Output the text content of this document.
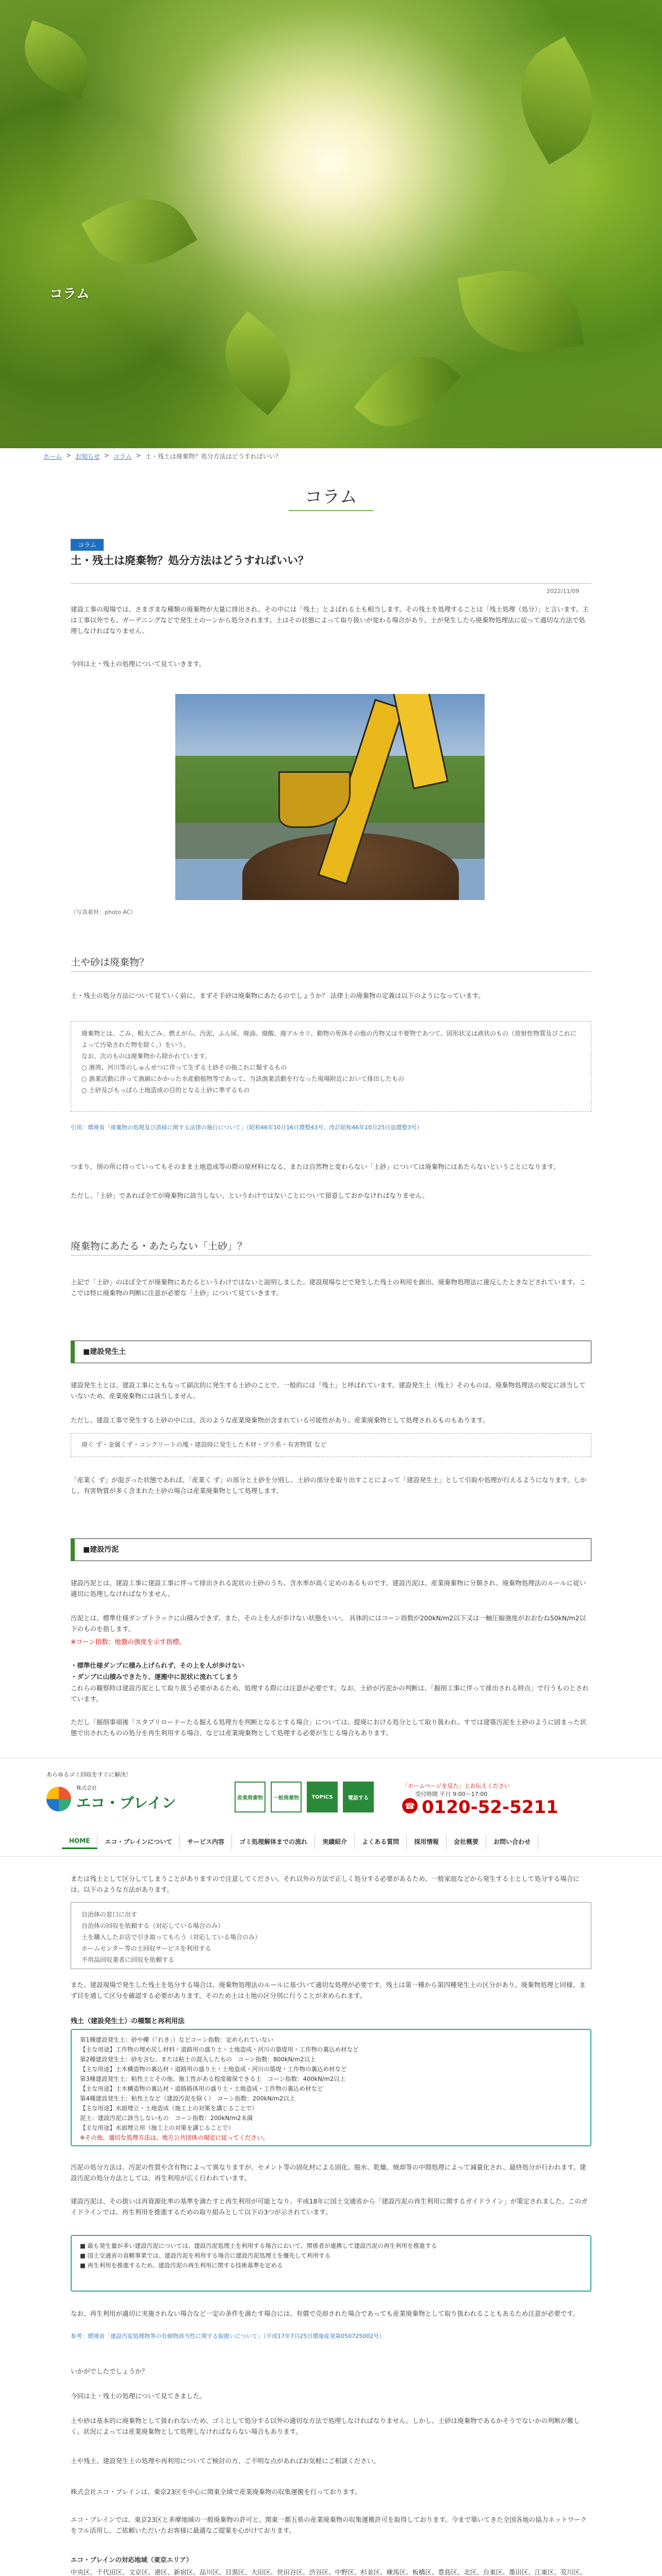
コラム
ホーム > お知らせ > コラム > 土・残土は廃棄物？処分方法はどうすればいい？
コラム
コラム
土・残土は廃棄物？処分方法はどうすればいい？
2022/11/09
建設工事の現場では、さまざまな種類の廃棄物が大量に排出され、その中には「残土」とよばれる土も相当します。その残土を処理することは「残土処理（処分）」と言います。主は工事以外でも、ガーデニングなどで発生土のーンから処分されます。土はその状態によって取り扱いが変わる場合があり、土が発生したら廃棄物処理法に従って適切な方法で処理しなければなりません。
今回は土・残土の処理について見ていきます。
（写真素材：photo AC）
土や砂は廃棄物？
土・残土の処分方法について見ていく前に、まずそ手砂は廃棄物にあたるのでしょうか？ 法律上の廃棄物の定義は以下のようになっています。
廃棄物とは、ごみ、粗大ごみ、燃えがら、汚泥、ふん尿、廃油、廃酸、廃アルカリ、動物の死体その他の汚物又は不要物であつて、固形状又は液状のもの（放射性物質及びこれによって汚染された物を除く。）をいう。
なお、次のものは廃棄物から除かれています。
○ 港湾、河川等のしゅんせつに伴って生ずる土砂その他これに類するもの
○ 漁業活動に伴って漁網にかかった水産動植物等であって、当該漁業活動を行なった現場附近において排出したもの
○ 土砂及びもっぱら土地造成の目的となる土砂に準ずるもの
引用：環境省「廃棄物の処理及び清掃に関する法律の施行について」（昭和46年10月16日環整43号、改訂昭和46年10月25日追環整3号）
つまり、別の所に持っていってもそのまま土地造成等の際の原材料になる、または自然物と変わらない「土砂」については廃棄物にはあたらないということになります。
ただし、「土砂」であれば全てが廃棄物に該当しない、というわけではないことについて留意しておかなければなりません。
廃棄物にあたる・あたらない「土砂」？
上記で「土砂」のほぼ全てが廃棄物にあたるというわけではないと説明しました。建設現場などで発生した残土の利用を創出、廃棄物処理法に違反したときなどされています。ここでは特に廃棄物の判断に注意が必要な「土砂」について見ていきます。
■建設発生土
建設発生土とは、建設工事にともなって副次的に発生する土砂のことで、一般的には「残土」と呼ばれています。建設発生土（残土）そのものは、廃棄物処理法の規定に該当していないため、産業廃棄物には該当しません。
ただし、建設工事で発生する土砂の中には、次のような産業廃棄物が含まれている可能性があり、産業廃棄物として処理されるものもあります。
廃く ず・金属くず・コンクリートの塊・建設時に発生した木材・プラ系・有害物質 など
「産業く ず」が混ざった状態であれば、「産業く ず」の部分と土砂を分別し、土砂の部分を取り出すことによって「建設発生土」として引取や処理が行えるようになります。しかし、有害物質が多く含まれた土砂の場合は産業廃棄物として処理します。
■建設汚泥
建設汚泥とは、建設工事に建設工事に伴って排出される泥状の土砂のうち、含水率が高く定めのあるものです。建設汚泥は、産業廃棄物に分類され、廃棄物処理法のルールに従い適切に処理しなければなりません。
汚泥とは、標準仕様ダンプトラックに山積みできず、また、その上を人が歩けない状態をいい、 具体的にはコーン指数が200kN/m2以下又は一軸圧縮強度がおおむね50kN/m2以下のものを指します。
※コーン指数：地盤の強度を示す指標。
・標準仕様ダンプに積み上げられず、その上を人が歩けない
・ダンプに山積みできたり、運搬中に泥状に流れてしまう
これらの観察時は建設汚泥として取り扱う必要があるため、処理する際には注意が必要です。なお、土砂が汚泥かの判断は、「掘削工事に伴って排出される時点」で行うものとされています。
ただし「掘削事項後「スタブリロードーたる掘える処理方を判断となるとする場合」については、提廃における処分として取り扱われ、すでは建築汚泥を土砂のように固まった状態で出されたものの処分を再生利用する場合、などは産業廃棄物として処理する必要が生じる場合もあります。
あらゆるゴミ回収をすぐに解決！
株式会社
エコ・ブレイン	産業廃棄物	一般廃棄物	TOPICS	電話する
「ホームページを見た」とお伝えください
受付時間 平日 9:00〜17:00
☎ 0120-52-5211
HOME	エコ・ブレインについて	サービス内容	ゴミ処理解体までの流れ	実績紹介	よくある質問	採用情報	会社概要	お問い合わせ
または残土として区分してしまうことがありますので注意してください。それ以外の方法で正しく処分する必要があるため、一般家庭などから発生する土として処分する場合には、以下のような方法があります。
自治体の窓口に出す
自治体の回収を依頼する（対応している場合のみ）
土を購入したお店で引き取ってもらう（対応している場合のみ）
ホームセンター等の土回収サービスを利用する
不用品回収業者に回収を依頼する
また、建設現場で発生した残土を処分する場合は、廃棄物処理法のルールに基づいて適切な処理が必要です。残土は第一種から第四種発生土の区分があり、廃棄物処理と同様、まず目を通して区分を確認する必要があります。そのため土は土地の区分別に行うことが求められます。
残土（建設発生土）の種類と再利用法
第1種建設発生土：砂や礫（「れき」）などコーン指数：定められていない
【主な用途】工作物の埋め戻し材料・道路用の盛り土・土地造成・河川の築堤用・工作物の裏込め材など
第2種建設発生土：砂を含む、または粘土の混入したもの　コーン指数：800kN/m2以上
【主な用途】土木構造物の裏込材・道路用の盛り土・土地造成・河川の築堤・工作物の裏込め材など
第3種建設発生土：粘性土とその他、施工性がある程度確保できる土　コーン指数：400kN/m2以上
【主な用途】土木構造物の裏込材・道路路体用の盛り土・土地造成・工作物の裏込め材など
第4種建設発生土：粘性土など（建設汚泥を除く）　コーン指数：200kN/m2以上
【主な用途】水面埋立・土地造成（施工上の対策を講じることで）
泥土：建設汚泥に該当しないもの　コーン指数：200kN/m2未満
【主な用途】水面埋立用（施工上の対策を講じることで）
※その他、適切な処理方法は、地方公共団体の規定に従ってください。
汚泥の処分方法は、汚泥の性質や含有物によって異なりますが、セメント等の固化材による固化、脱水、乾燥、焼却等の中間処理によって減量化され、最終処分が行われます。建設汚泥の処分方法としては、再生利用が広く行われています。
建設汚泥は、その扱いは再資源化率の基準を満たすと再生利用が可能となり、平成18年に国土交通省から「建設汚泥の再生利用に関するガイドライン」が策定されました。このガイドラインでは、再生利用を推進するための取り組みとして以下の3つが示されています。
■ 最も発生量が多い建設汚泥については、建設汚泥処理土を利用する場合において、関係者が連携して建設汚泥の再生利用を推進する
■ 国土交通省の直轄事業では、建設汚泥を利用する場合に建設汚泥処理土を優先して利用する
■ 再生利用を推進するため、建設汚泥の再生利用に関する技術基準を定める
なお、再生利用が適切に実施されない場合など一定の条件を満たす場合には、有償で売却された場合であっても産業廃棄物として取り扱われることもあるため注意が必要です。
参考：環境省「建設汚泥処理物等の有価物該当性に関する取扱いについて」（平成17年7月25日環廃産発第050725002号）
いかがでしたでしょうか？
今回は土・残土の処理について見てきました。
土や砂は基本的に廃棄物として扱われないため、ゴミとして処分する以外の適切な方法で処理しなければなりません。しかし、土砂は廃棄物であるかそうでないかの判断が難しく、状況によっては産業廃棄物として処理しなければならない場合もあります。
土や残土、建設発生土の処理や再利用についてご検討の方、ご不明な点があればお気軽にご相談ください。
株式会社エコ・ブレインは、東京23区を中心に関東全域で産業廃棄物の収集運搬を行っております。
エコ・ブレインでは、東京23区と多摩地域の一般廃棄物の許可と、関東一都五県の産業廃棄物の収集運搬許可を取得しております。今まで築いてきた全国各地の協力ネットワークをフル活用し、ご依頼いただいたお客様に最適なご提案を心がけております。
エコ・ブレインの対応地域（東京エリア）
中央区、千代田区、文京区、港区、新宿区、品川区、目黒区、大田区、世田谷区、渋谷区、中野区、杉並区、練馬区、板橋区、豊島区、北区、台東区、墨田区、江東区、荒川区、
